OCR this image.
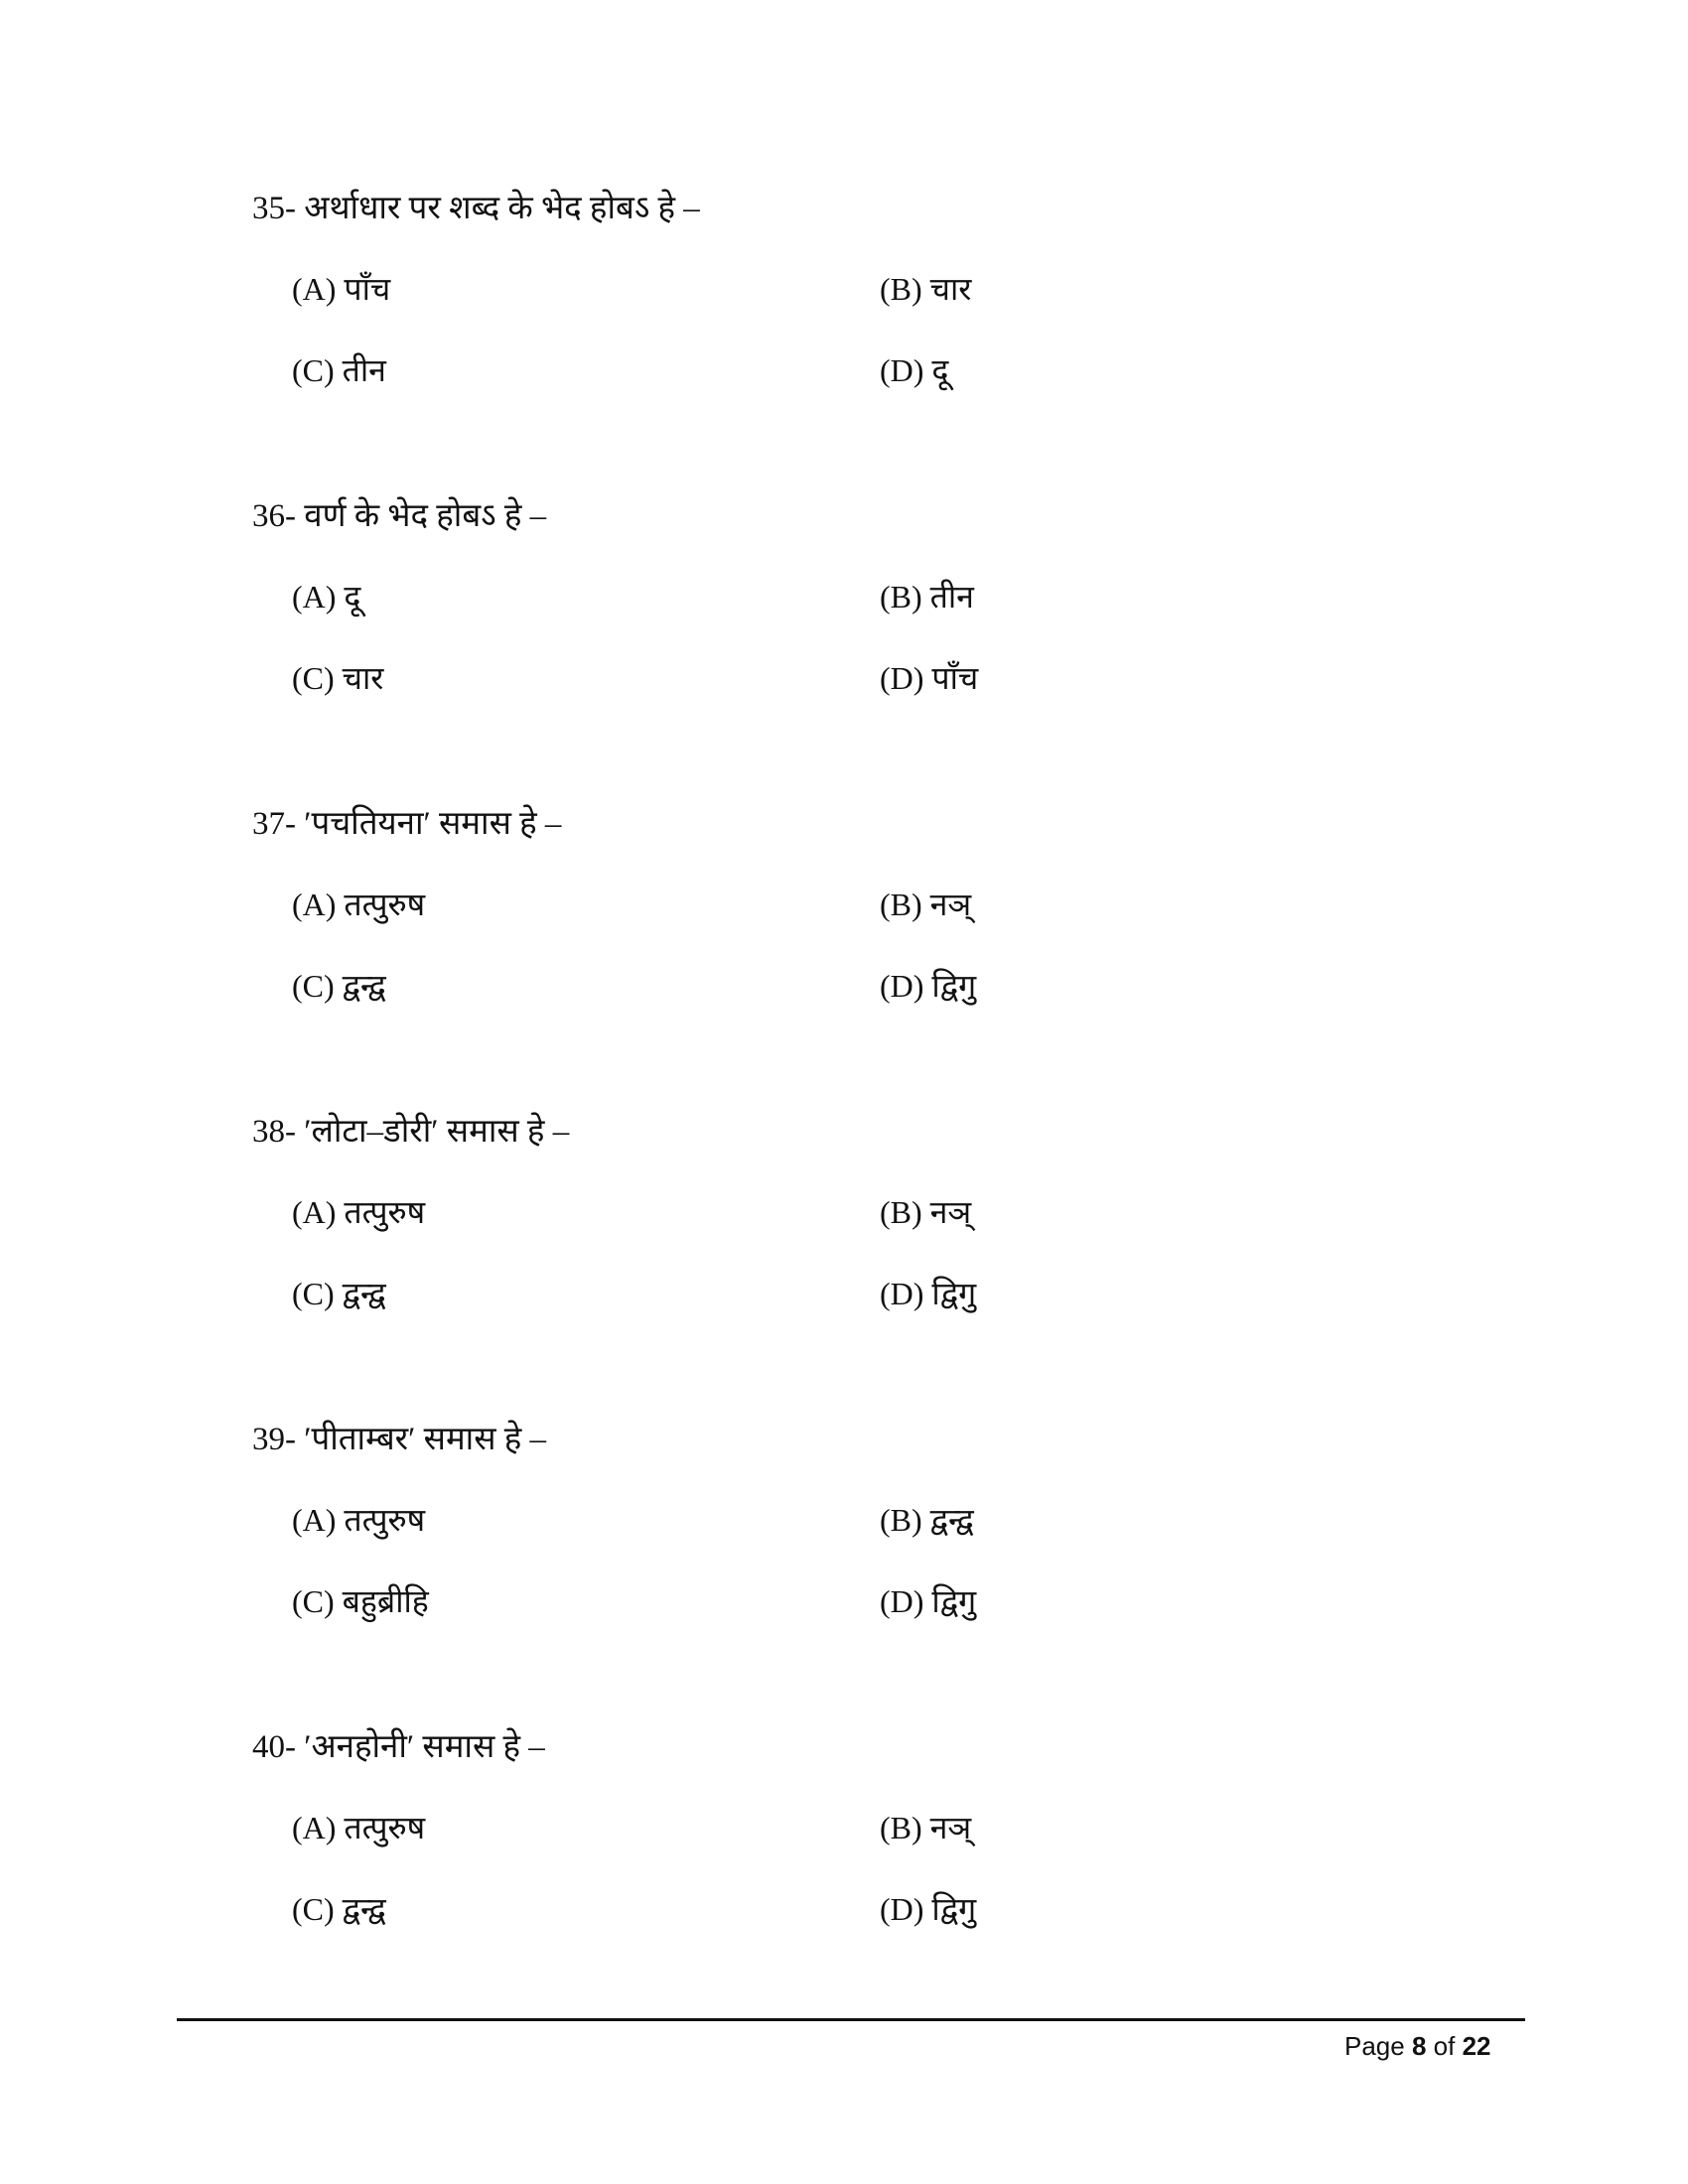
35- अर्थाधार पर शब्द के भेद होबऽ हे –
(A) पाँच	(B) चार
(C) तीन	(D) दू
36- वर्ण के भेद होबऽ हे –
(A) दू	(B) तीन
(C) चार	(D) पाँच
37- ′पचतियना′ समास हे –
(A) तत्पुरुष	(B) नञ्
(C) द्वन्द्व	(D) द्विगु
38- ′लोटा–डोरी′ समास हे –
(A) तत्पुरुष	(B) नञ्
(C) द्वन्द्व	(D) द्विगु
39- ′पीताम्बर′ समास हे –
(A) तत्पुरुष	(B) द्वन्द्व
(C) बहुब्रीहि	(D) द्विगु
40- ′अनहोनी′ समास हे –
(A) तत्पुरुष	(B) नञ्
(C) द्वन्द्व	(D) द्विगु
Page 8 of 22
